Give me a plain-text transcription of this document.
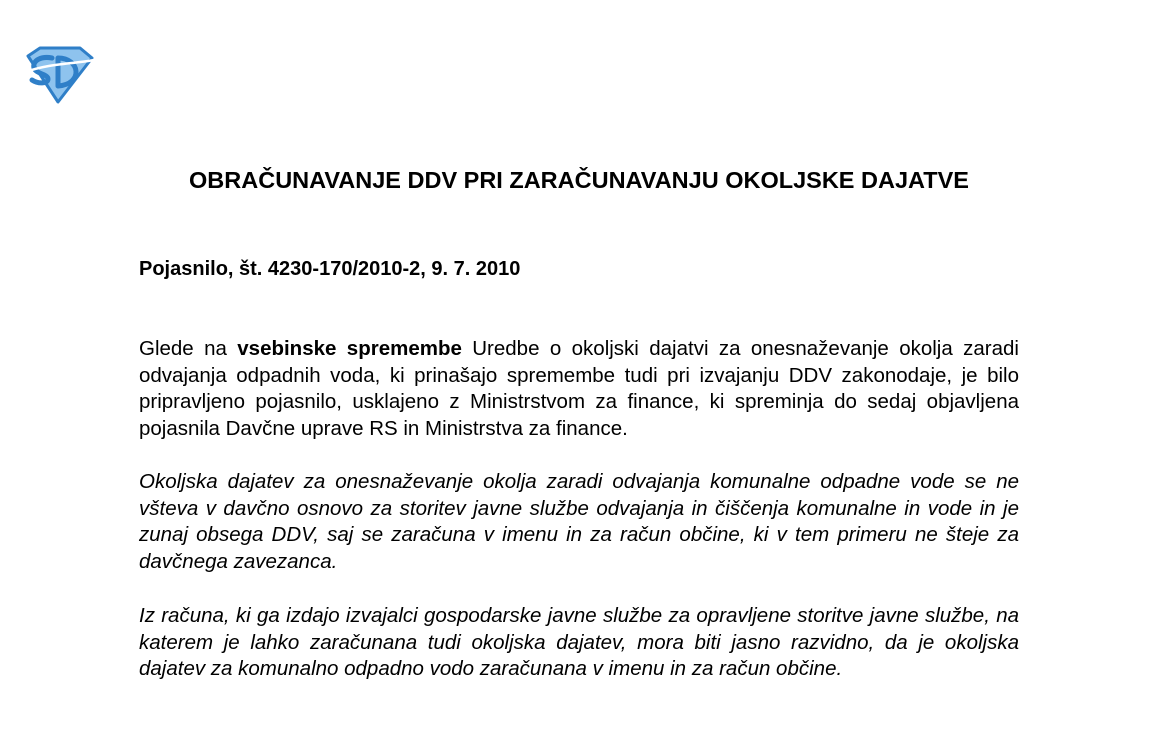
OBRAČUNAVANJE DDV PRI ZARAČUNAVANJU OKOLJSKE DAJATVE

Pojasnilo, št. 4230-170/2010-2, 9. 7. 2010

Glede na vsebinske spremembe Uredbe o okoljski dajatvi za onesnaževanje okolja zaradi odvajanja odpadnih voda, ki prinašajo spremembe tudi pri izvajanju DDV zakonodaje, je bilo pripravljeno pojasnilo, usklajeno z Ministrstvom za finance, ki spreminja do sedaj objavljena pojasnila Davčne uprave RS in Ministrstva za finance.

Okoljska dajatev za onesnaževanje okolja zaradi odvajanja komunalne odpadne vode se ne všteva v davčno osnovo za storitev javne službe odvajanja in čiščenja komunalne in vode in je zunaj obsega DDV, saj se zaračuna v imenu in za račun občine, ki v tem primeru ne šteje za davčnega zavezanca.

Iz računa, ki ga izdajo izvajalci gospodarske javne službe za opravljene storitve javne službe, na katerem je lahko zaračunana tudi okoljska dajatev, mora biti jasno razvidno, da je okoljska dajatev za komunalno odpadno vodo zaračunana v imenu in za račun občine.
